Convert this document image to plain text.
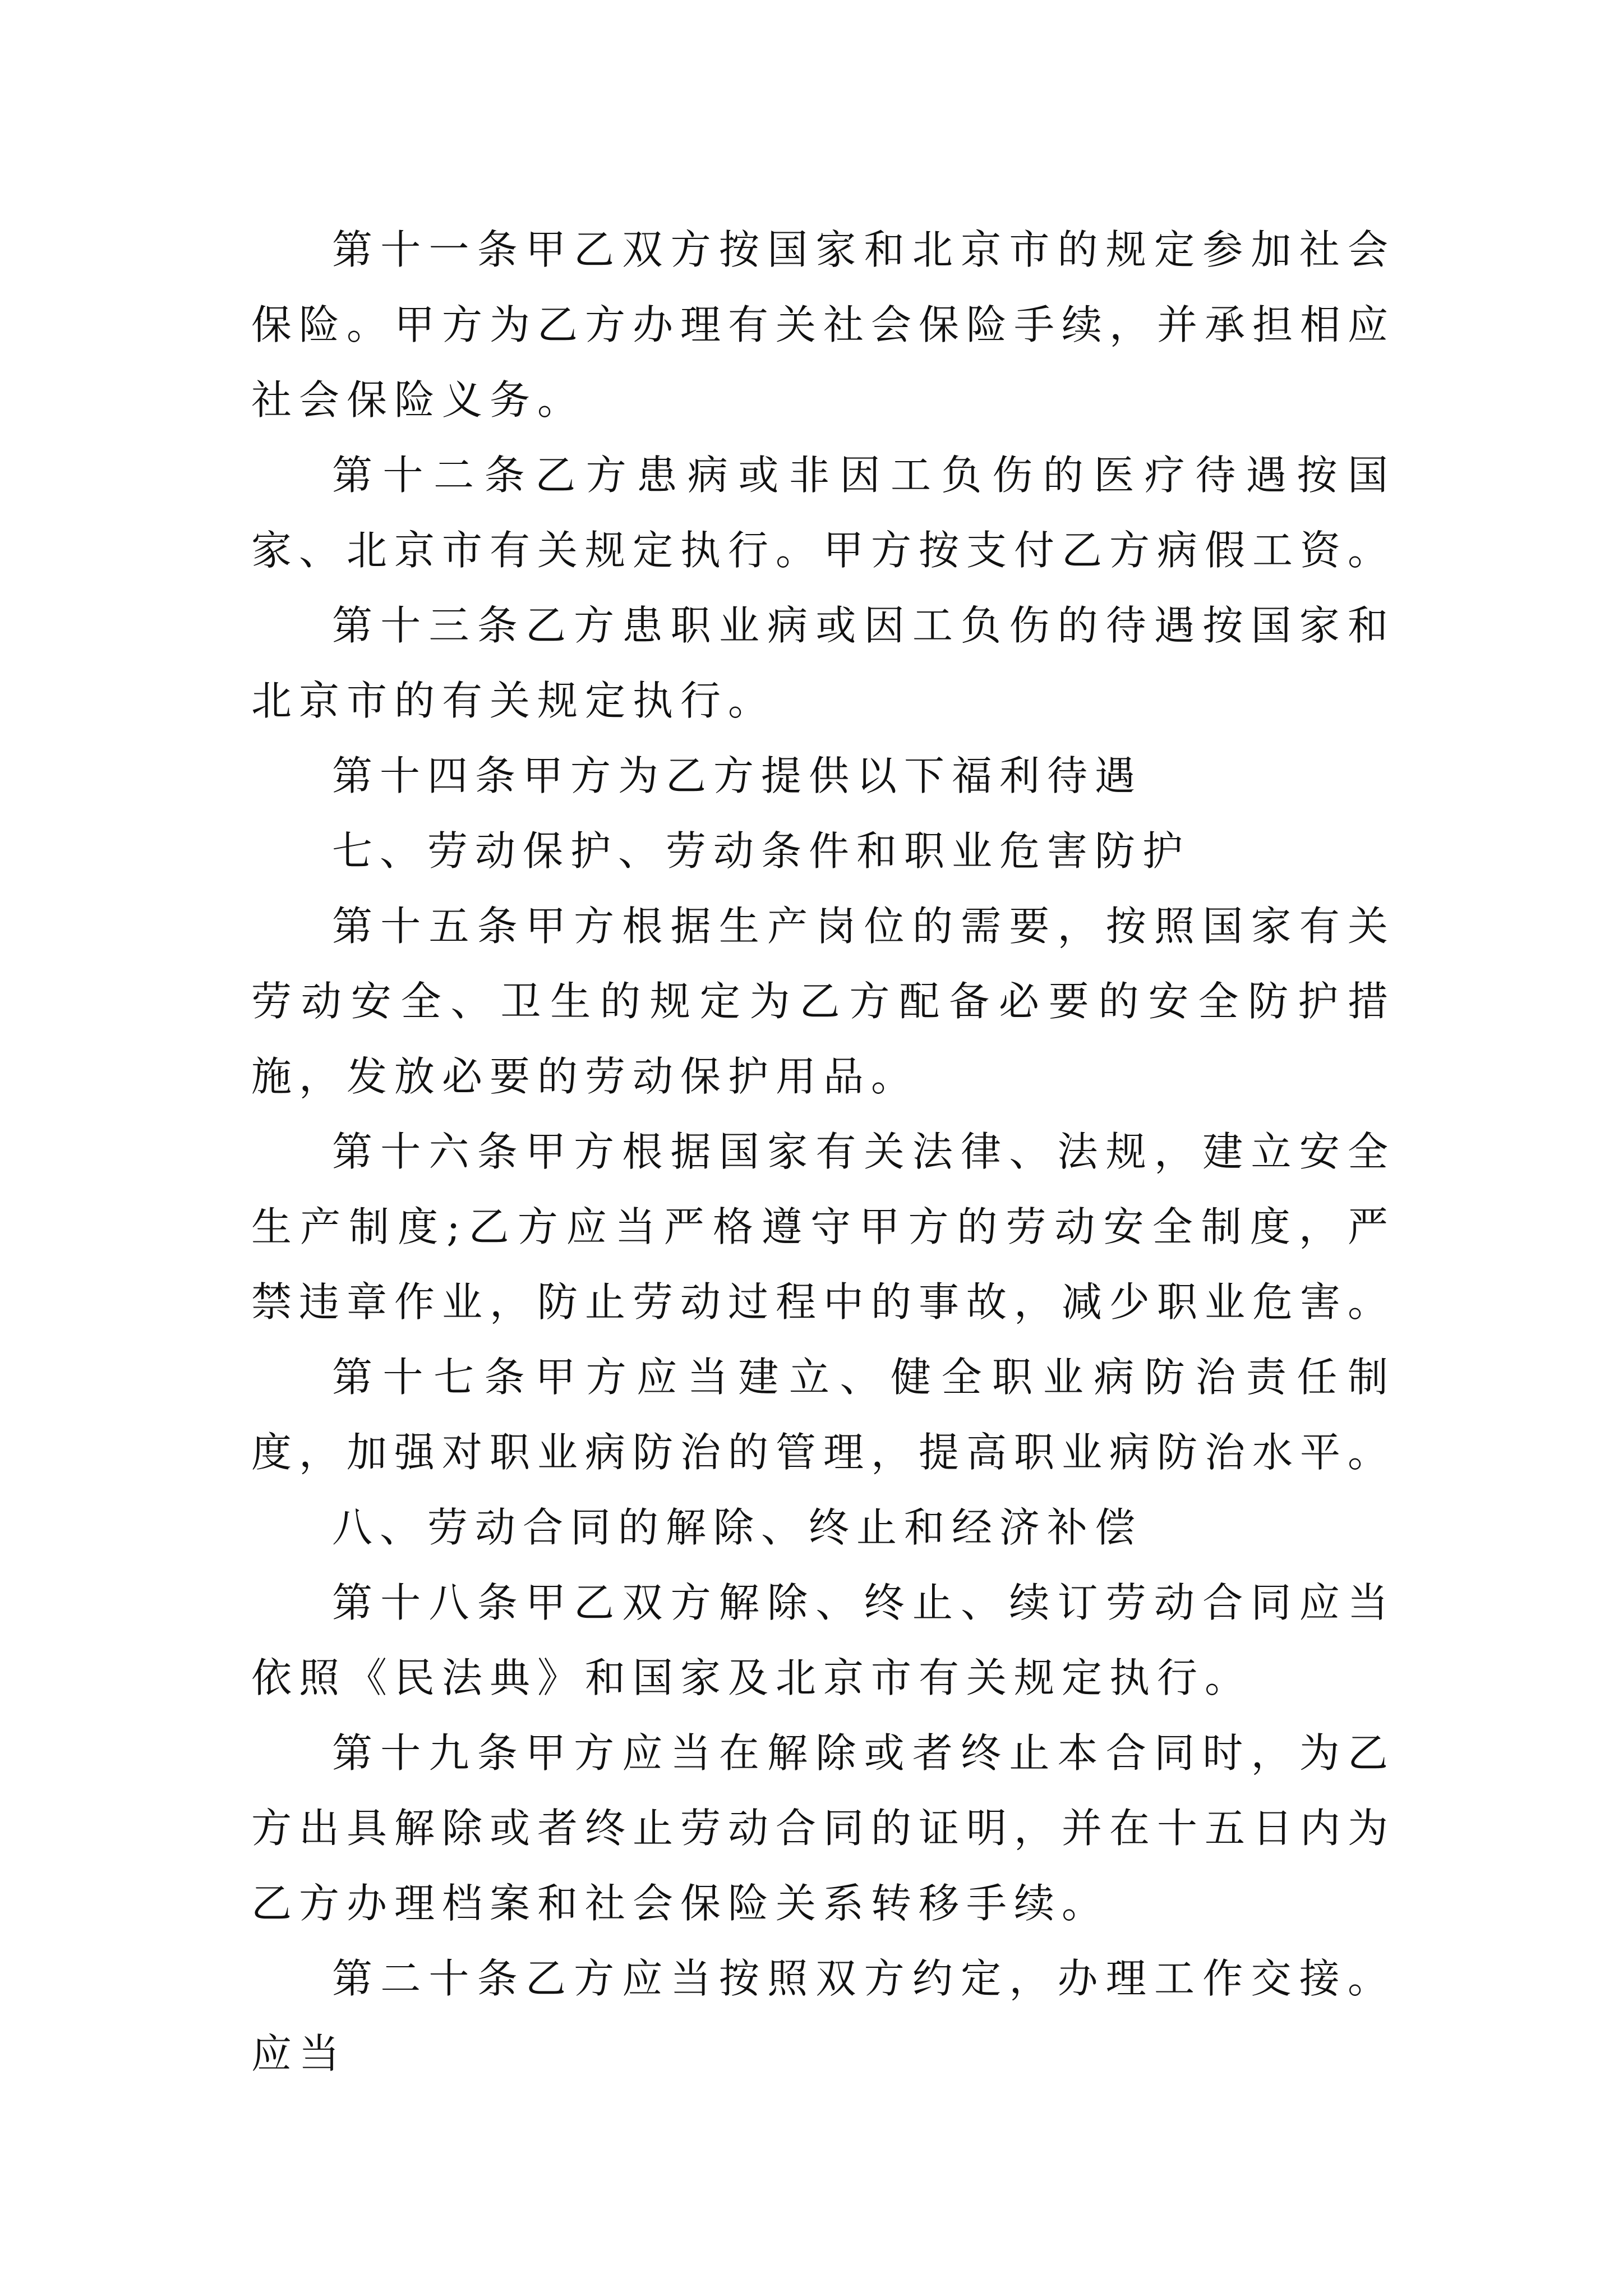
第十一条甲乙双方按国家和北京市的规定参加社会保险。甲方为乙方办理有关社会保险手续，并承担相应社会保险义务。

第十二条乙方患病或非因工负伤的医疗待遇按国家、北京市有关规定执行。甲方按支付乙方病假工资。

第十三条乙方患职业病或因工负伤的待遇按国家和北京市的有关规定执行。

第十四条甲方为乙方提供以下福利待遇

七、劳动保护、劳动条件和职业危害防护

第十五条甲方根据生产岗位的需要，按照国家有关劳动安全、卫生的规定为乙方配备必要的安全防护措施，发放必要的劳动保护用品。

第十六条甲方根据国家有关法律、法规，建立安全生产制度;乙方应当严格遵守甲方的劳动安全制度，严禁违章作业，防止劳动过程中的事故，减少职业危害。

第十七条甲方应当建立、健全职业病防治责任制度，加强对职业病防治的管理，提高职业病防治水平。

八、劳动合同的解除、终止和经济补偿

第十八条甲乙双方解除、终止、续订劳动合同应当依照《民法典》和国家及北京市有关规定执行。

第十九条甲方应当在解除或者终止本合同时，为乙方出具解除或者终止劳动合同的证明，并在十五日内为乙方办理档案和社会保险关系转移手续。

第二十条乙方应当按照双方约定，办理工作交接。应当
